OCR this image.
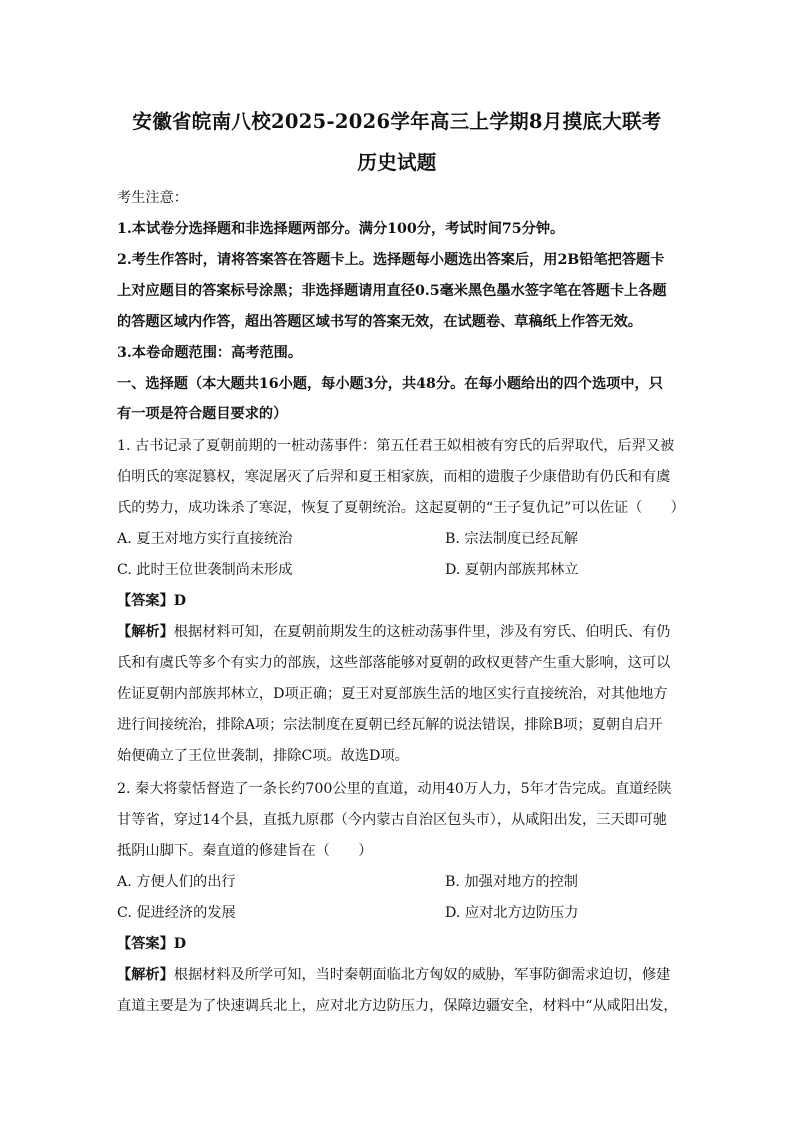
安徽省皖南八校2025-2026学年高三上学期8月摸底大联考
历史试题
考生注意：
1.本试卷分选择题和非选择题两部分。满分100分，考试时间75分钟。
2.考生作答时，请将答案答在答题卡上。选择题每小题选出答案后，用2B铅笔把答题卡
上对应题目的答案标号涂黑；非选择题请用直径0.5毫米黑色墨水签字笔在答题卡上各题
的答题区域内作答，超出答题区域书写的答案无效，在试题卷、草稿纸上作答无效。
3.本卷命题范围：高考范围。
一、选择题（本大题共16小题，每小题3分，共48分。在每小题给出的四个选项中，只
有一项是符合题目要求的）
1. 古书记录了夏朝前期的一桩动荡事件：第五任君王姒相被有穷氏的后羿取代，后羿又被
伯明氏的寒浞篡权，寒浞屠灭了后羿和夏王相家族，而相的遗腹子少康借助有仍氏和有虞
氏的势力，成功诛杀了寒浞，恢复了夏朝统治。这起夏朝的“王子复仇记”可以佐证（　　）
A. 夏王对地方实行直接统治	B. 宗法制度已经瓦解
C. 此时王位世袭制尚未形成	D. 夏朝内部族邦林立
【答案】D
【解析】根据材料可知，在夏朝前期发生的这桩动荡事件里，涉及有穷氏、伯明氏、有仍
氏和有虞氏等多个有实力的部族，这些部落能够对夏朝的政权更替产生重大影响，这可以
佐证夏朝内部族邦林立，D项正确；夏王对夏部族生活的地区实行直接统治，对其他地方
进行间接统治，排除A项；宗法制度在夏朝已经瓦解的说法错误，排除B项；夏朝自启开
始便确立了王位世袭制，排除C项。故选D项。
2. 秦大将蒙恬督造了一条长约700公里的直道，动用40万人力，5年才告完成。直道经陕
甘等省，穿过14个县，直抵九原郡（今内蒙古自治区包头市），从咸阳出发，三天即可驰
抵阴山脚下。秦直道的修建旨在（　　）
A. 方便人们的出行	B. 加强对地方的控制
C. 促进经济的发展	D. 应对北方边防压力
【答案】D
【解析】根据材料及所学可知，当时秦朝面临北方匈奴的威胁，军事防御需求迫切，修建
直道主要是为了快速调兵北上，应对北方边防压力，保障边疆安全，材料中“从咸阳出发，
